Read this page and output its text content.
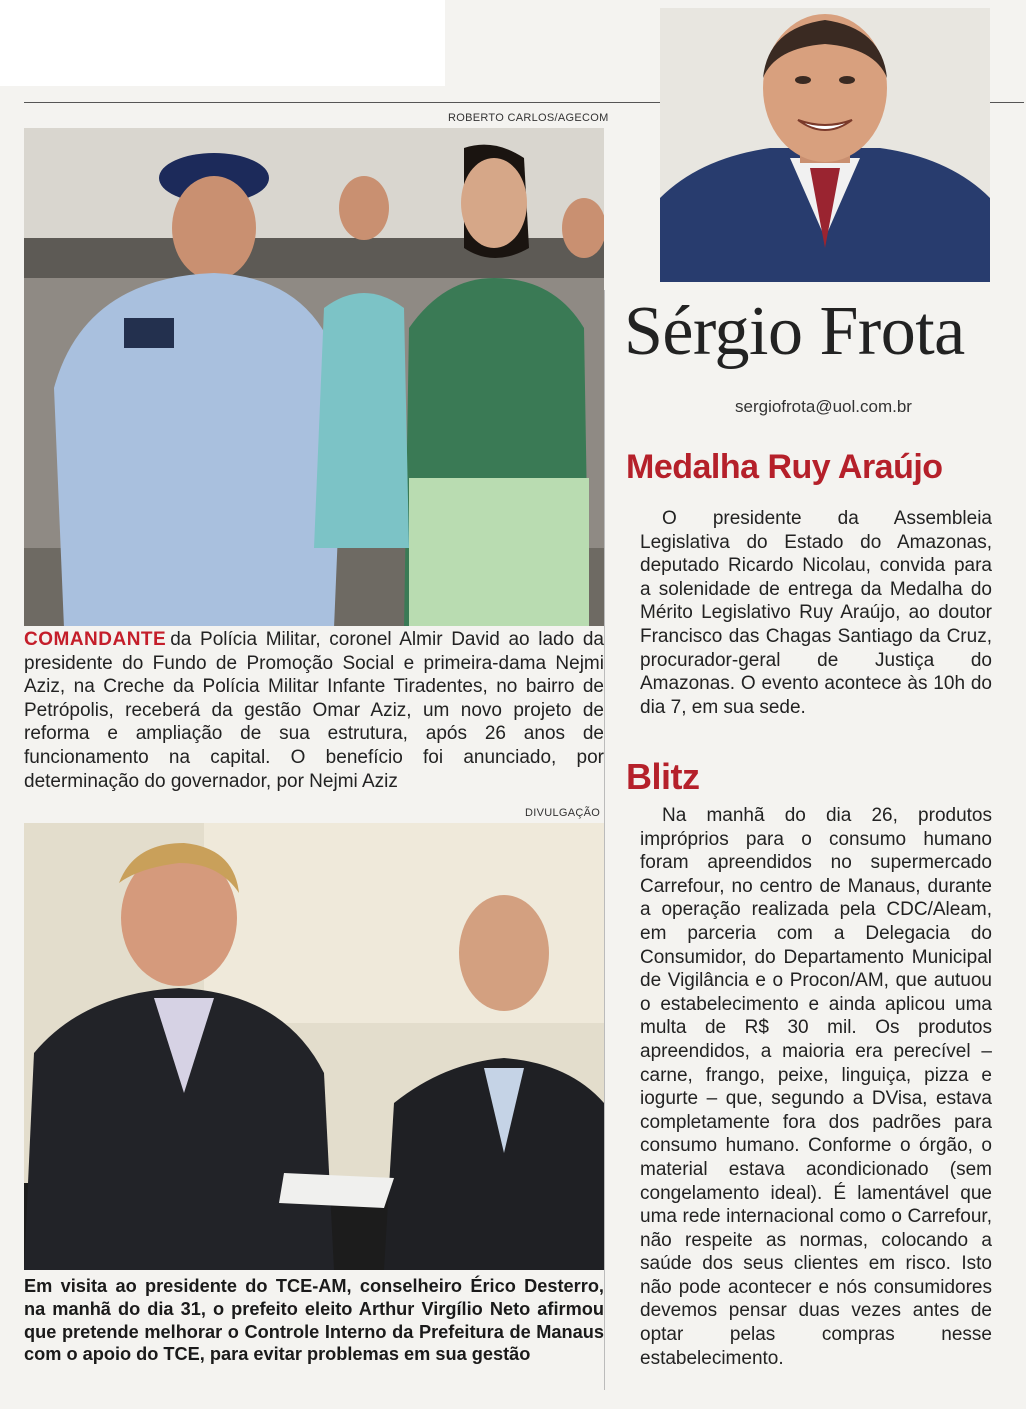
ROBERTO CARLOS/AGECOM
COMANDANTE da Polícia Militar, coronel Almir David ao lado da presidente do Fundo de Promoção Social e primeira-dama Nejmi Aziz, na Creche da Polícia Militar Infante Tiradentes, no bairro de Petrópolis, receberá da gestão Omar Aziz, um novo projeto de reforma e ampliação de sua estrutura, após 26 anos de funcionamento na capital. O benefício foi anunciado, por determinação do governador, por Nejmi Aziz
DIVULGAÇÃO
Em visita ao presidente do TCE-AM, conselheiro Érico Desterro, na manhã do dia 31, o prefeito eleito Arthur Virgílio Neto afirmou que pretende melhorar o Controle Interno da Prefeitura de Manaus com o apoio do TCE, para evitar problemas em sua gestão
Sérgio Frota
sergiofrota@uol.com.br
Medalha Ruy Araújo

O presidente da Assembleia Legislativa do Estado do Amazonas, deputado Ricardo Nicolau, convida para a solenidade de entrega da Medalha do Mérito Legislativo Ruy Araújo, ao doutor Francisco das Chagas Santiago da Cruz, procurador-geral de Justiça do Amazonas. O evento acontece às 10h do dia 7, em sua sede.

Blitz

Na manhã do dia 26, produtos impróprios para o consumo humano foram apreendidos no supermercado Carrefour, no centro de Manaus, durante a operação realizada pela CDC/Aleam, em parceria com a Delegacia do Consumidor, do Departamento Municipal de Vigilância e o Procon/AM, que autuou o estabelecimento e ainda aplicou uma multa de R$ 30 mil. Os produtos apreendidos, a maioria era perecível – carne, frango, peixe, linguiça, pizza e iogurte – que, segundo a DVisa, estava completamente fora dos padrões para consumo humano. Conforme o órgão, o material estava acondicionado (sem congelamento ideal). É lamentável que uma rede internacional como o Carrefour, não respeite as normas, colocando a saúde dos seus clientes em risco. Isto não pode acontecer e nós consumidores devemos pensar duas vezes antes de optar pelas compras nesse estabelecimento.
